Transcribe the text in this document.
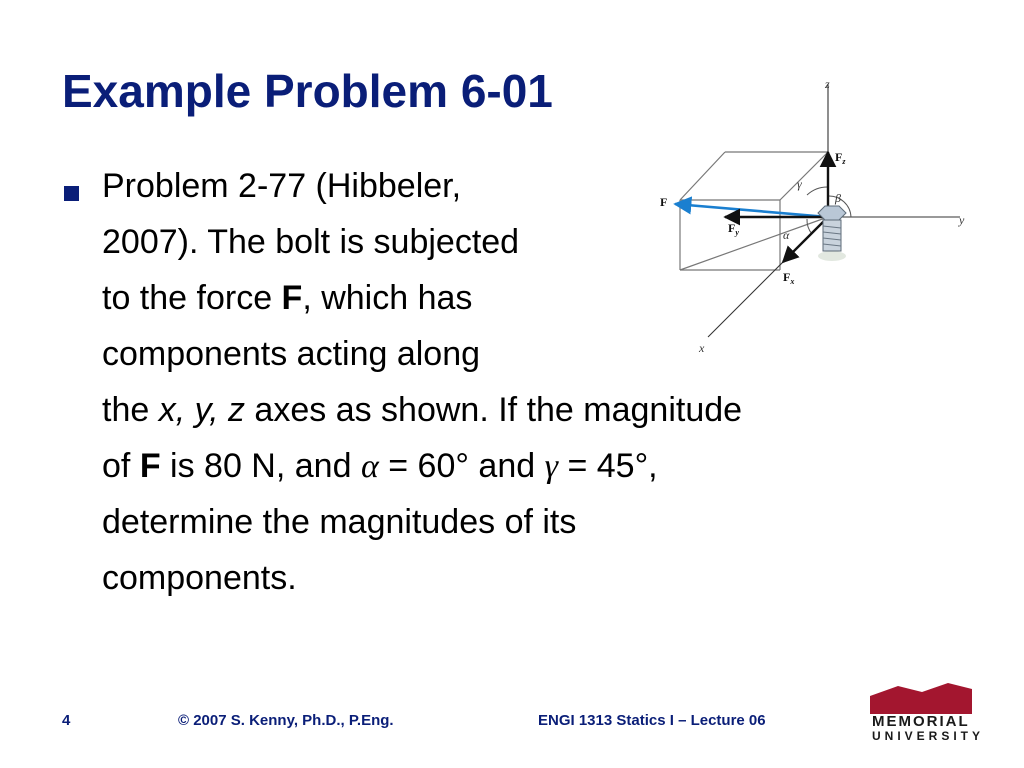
Example Problem 6-01
Problem 2-77 (Hibbeler,
2007). The bolt is subjected
to the force F, which has
components acting along
the x, y, z axes as shown. If the magnitude
of F is 80 N, and α = 60° and γ = 45°,
determine the magnitudes of its
components.
z
y
x
F
$F_z$
$F_y$
$F_x$
γ
β
α
4	© 2007 S. Kenny, Ph.D., P.Eng.	ENGI 1313 Statics I – Lecture 06	MEMORIAL
UNIVERSITY
